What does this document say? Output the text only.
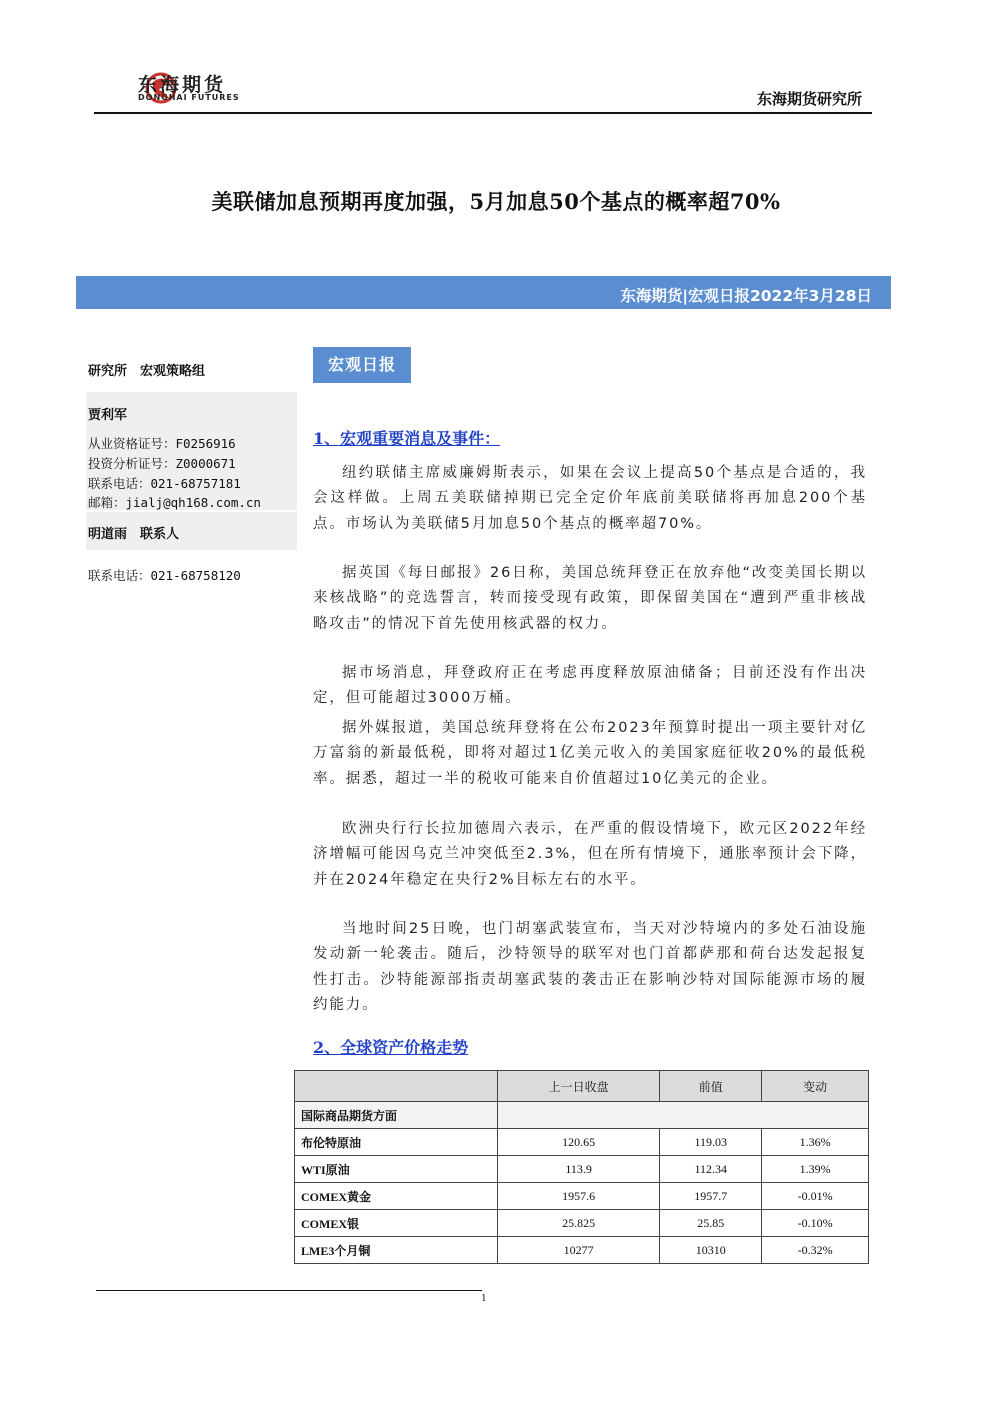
东海期货
DONGHAI FUTURES	东海期货研究所
美联储加息预期再度加强，5月加息50个基点的概率超70%
东海期货|宏观日报2022年3月28日
研究所　宏观策略组
贾利军
从业资格证号：F0256916
投资分析证号：Z0000671
联系电话：021-68757181
邮箱：jialj@qh168.com.cn
明道雨　联系人
联系电话：021-68758120
宏观日报
1、宏观重要消息及事件：
纽约联储主席威廉姆斯表示，如果在会议上提高50个基点是合适的，我会这样做。上周五美联储掉期已完全定价年底前美联储将再加息200个基点。市场认为美联储5月加息50个基点的概率超70%。
据英国《每日邮报》26日称，美国总统拜登正在放弃他“改变美国长期以来核战略”的竞选誓言，转而接受现有政策，即保留美国在“遭到严重非核战略攻击”的情况下首先使用核武器的权力。
据市场消息，拜登政府正在考虑再度释放原油储备；目前还没有作出决定，但可能超过3000万桶。
据外媒报道，美国总统拜登将在公布2023年预算时提出一项主要针对亿万富翁的新最低税，即将对超过1亿美元收入的美国家庭征收20%的最低税率。据悉，超过一半的税收可能来自价值超过10亿美元的企业。
欧洲央行行长拉加德周六表示，在严重的假设情境下，欧元区2022年经济增幅可能因乌克兰冲突低至2.3%，但在所有情境下，通胀率预计会下降，并在2024年稳定在央行2%目标左右的水平。
当地时间25日晚，也门胡塞武装宣布，当天对沙特境内的多处石油设施发动新一轮袭击。随后，沙特领导的联军对也门首都萨那和荷台达发起报复性打击。沙特能源部指责胡塞武装的袭击正在影响沙特对国际能源市场的履约能力。
2、全球资产价格走势
	上一日收盘	前值	变动
国际商品期货方面			
布伦特原油	120.65	119.03	1.36%
WTI原油	113.9	112.34	1.39%
COMEX黄金	1957.6	1957.7	-0.01%
COMEX银	25.825	25.85	-0.10%
LME3个月铜	10277	10310	-0.32%
1
